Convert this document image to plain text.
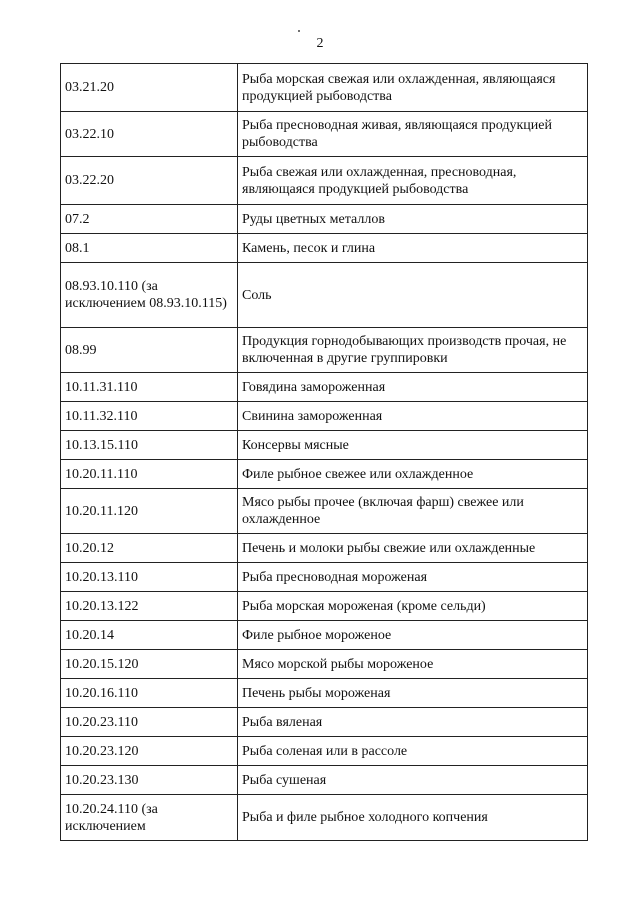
2
03.21.20	Рыба морская свежая или охлажденная, являющаяся продукцией рыбоводства
03.22.10	Рыба пресноводная живая, являющаяся продукцией рыбоводства
03.22.20	Рыба свежая или охлажденная, пресноводная, являющаяся продукцией рыбоводства
07.2	Руды цветных металлов
08.1	Камень, песок и глина
08.93.10.110 (за исключением 08.93.10.115)	Соль
08.99	Продукция горнодобывающих производств прочая, не включенная в другие группировки
10.11.31.110	Говядина замороженная
10.11.32.110	Свинина замороженная
10.13.15.110	Консервы мясные
10.20.11.110	Филе рыбное свежее или охлажденное
10.20.11.120	Мясо рыбы прочее (включая фарш) свежее или охлажденное
10.20.12	Печень и молоки рыбы свежие или охлажденные
10.20.13.110	Рыба пресноводная мороженая
10.20.13.122	Рыба морская мороженая (кроме сельди)
10.20.14	Филе рыбное мороженое
10.20.15.120	Мясо морской рыбы мороженое
10.20.16.110	Печень рыбы мороженая
10.20.23.110	Рыба вяленая
10.20.23.120	Рыба соленая или в рассоле
10.20.23.130	Рыба сушеная
10.20.24.110 (за исключением	Рыба и филе рыбное холодного копчения
